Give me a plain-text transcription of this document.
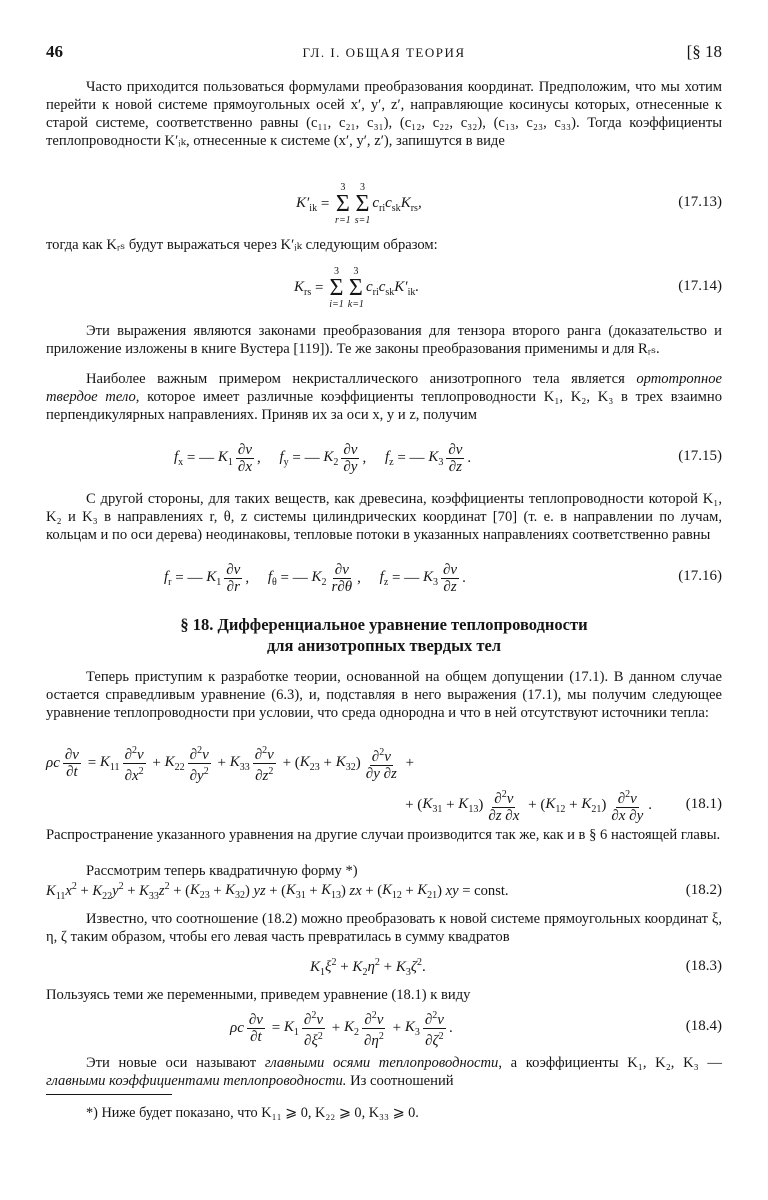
46	ГЛ. I. ОБЩАЯ ТЕОРИЯ	[§ 18

Часто приходится пользоваться формулами преобразования координат. Предположим, что мы хотим перейти к новой системе прямоугольных осей x′, y′, z′, направляющие косинусы которых, отнесенные к старой системе, соответственно равны (c₁₁, c₂₁, c₃₁), (c₁₂, c₂₂, c₃₂), (c₁₃, c₂₃, c₃₃). Тогда коэффициенты теплопроводности K′ᵢₖ, отнесенные к системе (x′, y′, z′), запишутся в виде

$K'_{ik}$ =
3
Σ
r=1
3
Σ
s=1
$c_{ri}c_{sk}K_{rs}$,	(17.13)

тогда как Kᵣₛ будут выражаться через K′ᵢₖ следующим образом:

$K_{rs}$ =
3
Σ
i=1
3
Σ
k=1
$c_{ri}c_{sk}K'_{ik}$.	(17.14)

Эти выражения являются законами преобразования для тензора второго ранга (доказательство и приложение изложены в книге Вустера [119]). Те же законы преобразования применимы и для Rᵣₛ.

Наиболее важным примером некристаллического анизотропного тела является ортотропное твердое тело, которое имеет различные коэффициенты теплопроводности K₁, K₂, K₃ в трех взаимно перпендикулярных направлениях. Приняв их за оси x, y и z, получим

$f_x$ = — $K_1 \frac{\partial v}{\partial x}$ , $f_y$ = — $K_2 \frac{\partial v}{\partial y}$ , $f_z$ = — $K_3 \frac{\partial v}{\partial z}$ .	(17.15)

С другой стороны, для таких веществ, как древесина, коэффициенты теплопроводности которой K₁, K₂ и K₃ в направлениях r, θ, z системы цилиндрических координат [70] (т. е. в направлении по лучам, кольцам и по оси дерева) неодинаковы, тепловые потоки в указанных направлениях соответственно равны

$f_r$ = — $K_1 \frac{\partial v}{\partial r}$ , $f_\theta$ = — $K_2 \frac{\partial v}{r\partial\theta}$ , $f_z$ = — $K_3 \frac{\partial v}{\partial z}$ .	(17.16)
§ 18. Дифференциальное уравнение теплопроводности
для анизотропных твердых тел

Теперь приступим к разработке теории, основанной на общем допущении (17.1). В данном случае остается справедливым уравнение (6.3), и, подставляя в него выражения (17.1), мы получим следующее уравнение теплопроводности при условии, что среда однородна и что в ней отсутствуют источники тепла:

ρc $\frac{\partial v}{\partial t} = K_{11} \frac{\partial^2v}{\partial x^2} + K_{22} \frac{\partial^2v}{\partial y^2} + K_{33} \frac{\partial^2v}{\partial z^2}$ + ( $K_{23} + K_{32}$ ) $\frac{\partial^2v}{\partial y \partial z}$ +
+ ( $K_{31} + K_{13}$ ) $\frac{\partial^2v}{\partial z \partial x}$ + ( $K_{12} + K_{21}$ ) $\frac{\partial^2v}{\partial x \partial y}$ . (18.1)

Распространение указанного уравнения на другие случаи производится так же, как и в § 6 настоящей главы.

Рассмотрим теперь квадратичную форму *)

$K_{11}x^2 + K_{22}y^2 + K_{33}z^2$ + ( $K_{23} + K_{32}$ ) yz + ( $K_{31} + K_{13}$ ) zx + ( $K_{12} + K_{21}$ ) xy = const.	(18.2)

Известно, что соотношение (18.2) можно преобразовать к новой системе прямоугольных координат ξ, η, ζ таким образом, чтобы его левая часть превратилась в сумму квадратов

$K_1\xi^2 + K_2\eta^2 + K_3\zeta^2$ .	(18.3)

Пользуясь теми же переменными, приведем уравнение (18.1) к виду

ρc $\frac{\partial v}{\partial t} = K_1 \frac{\partial^2v}{\partial\xi^2} + K_2 \frac{\partial^2v}{\partial\eta^2} + K_3 \frac{\partial^2v}{\partial\zeta^2}$ .	(18.4)

Эти новые оси называют главными осями теплопроводности, а коэффициенты K₁, K₂, K₃ — главными коэффициентами теплопроводности. Из соотношений

*) Ниже будет показано, что K₁₁ ⩾ 0, K₂₂ ⩾ 0, K₃₃ ⩾ 0.
